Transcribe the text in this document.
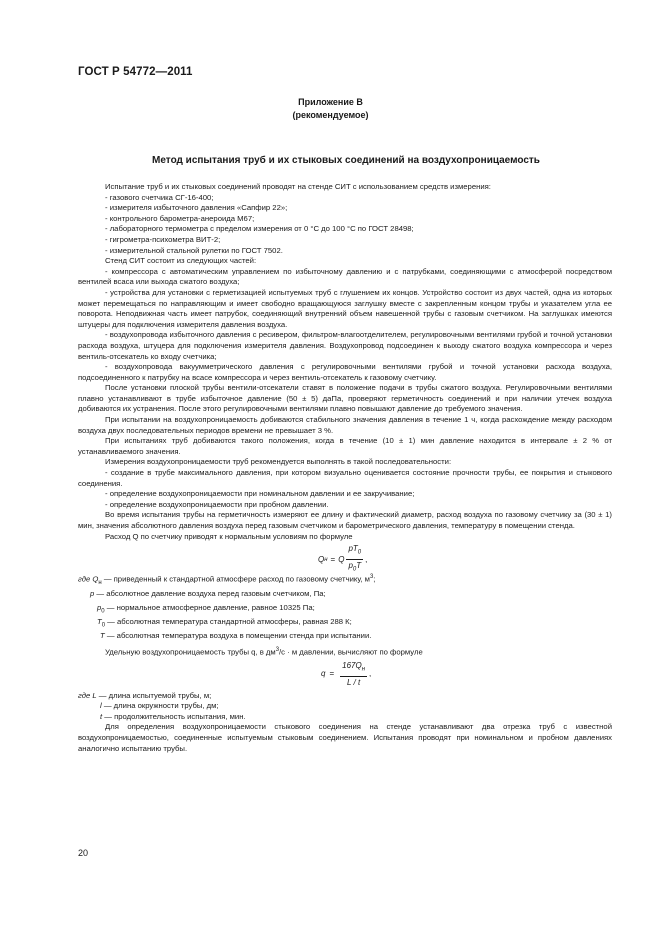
ГОСТ Р 54772—2011
Приложение В
(рекомендуемое)
Метод испытания труб и их стыковых соединений на воздухопроницаемость

Испытание труб и их стыковых соединений проводят на стенде СИТ с использованием средств измерения:

- газового счетчика СГ-16-400;

- измерителя избыточного давления «Сапфир 22»;

- контрольного барометра-анероида М67;

- лабораторного термометра с пределом измерения от 0 °С до 100 °С по ГОСТ 28498;

- гигрометра-психометра ВИТ-2;

- измерительной стальной рулетки по ГОСТ 7502.

Стенд СИТ состоит из следующих частей:

- компрессора с автоматическим управлением по избыточному давлению и с патрубками, соединяющими с атмосферой посредством вентилей всаса или выхода сжатого воздуха;

- устройства для установки с герметизацией испытуемых труб с глушением их концов. Устройство состоит из двух частей, одна из которых может перемещаться по направляющим и имеет свободно вращающуюся заглушку вместе с закрепленным концом трубы и указателем угла ее поворота. Неподвижная часть имеет патрубок, соединяющий внутренний объем навешенной трубы с газовым счетчиком. На заглушках имеются штуцеры для подключения измерителя давления воздуха.

- воздухопровода избыточного давления с ресивером, фильтром-влагоотделителем, регулировочными вентилями грубой и точной установки расхода воздуха, штуцера для подключения измерителя давления. Воздухопровод подсоединен к выходу сжатого воздуха компрессора и через вентиль-отсекатель ко входу счетчика;

- воздухопровода вакуумметрического давления с регулировочными вентилями грубой и точной установки расхода воздуха, подсоединенного к патрубку на всасе компрессора и через вентиль-отсекатель к газовому счетчику.

После установки плоской трубы вентили-отсекатели ставят в положение подачи в трубы сжатого воздуха. Регулировочными вентилями плавно устанавливают в трубе избыточное давление (50 ± 5) даПа, проверяют герметичность соединений и при наличии утечек воздуха добиваются их устранения. После этого регулировочными вентилями плавно повышают давление до требуемого значения.

При испытании на воздухопроницаемость добиваются стабильного значения давления в течение 1 ч, когда расхождение между расходом воздуха двух последовательных периодов времени не превышает 3 %.

При испытаниях труб добиваются такого положения, когда в течение (10 ± 1) мин давление находится в интервале ± 2 % от устанавливаемого значения.

Измерения воздухопроницаемости труб рекомендуется выполнять в такой последовательности:

- создание в трубе максимального давления, при котором визуально оценивается состояние прочности трубы, ее покрытия и стыкового соединения.

- определение воздухопроницаемости при номинальном давлении и ее закручивание;

- определение воздухопроницаемости при пробном давлении.

Во время испытания трубы на герметичность измеряют ее длину и фактический диаметр, расход воздуха по газовому счетчику за (30 ± 1) мин, значения абсолютного давления воздуха перед газовым счетчиком и барометрического давления, температуру в помещении стенда.

Расход Q по счетчику приводят к нормальным условиям по формуле

Q н = Q $\frac{pT_0}{p_0T}$ ,

где $Q_н$ — приведенный к стандартной атмосфере расход по газовому счетчику, $м^3$;

p — абсолютное давление воздуха перед газовым счетчиком, Па;

$p_0$ — нормальное атмосферное давление, равное 10325 Па;

$T_0$ — абсолютная температура стандартной атмосферы, равная 288 К;

T — абсолютная температура воздуха в помещении стенда при испытании.

Удельную воздухопроницаемость трубы q, в $дм^3/с \cdot м$ давлении, вычисляют по формуле

$q = \frac{167Q_н}{L / t}$ ,

где L — длина испытуемой трубы, м;

l — длина окружности трубы, дм;

t — продолжительность испытания, мин.

Для определения воздухопроницаемости стыкового соединения на стенде устанавливают два отрезка труб с известной воздухопроницаемостью, соединенные испытуемым стыковым соединением. Испытания проводят при номинальном и пробном давлениях аналогично испытанию трубы.

20
